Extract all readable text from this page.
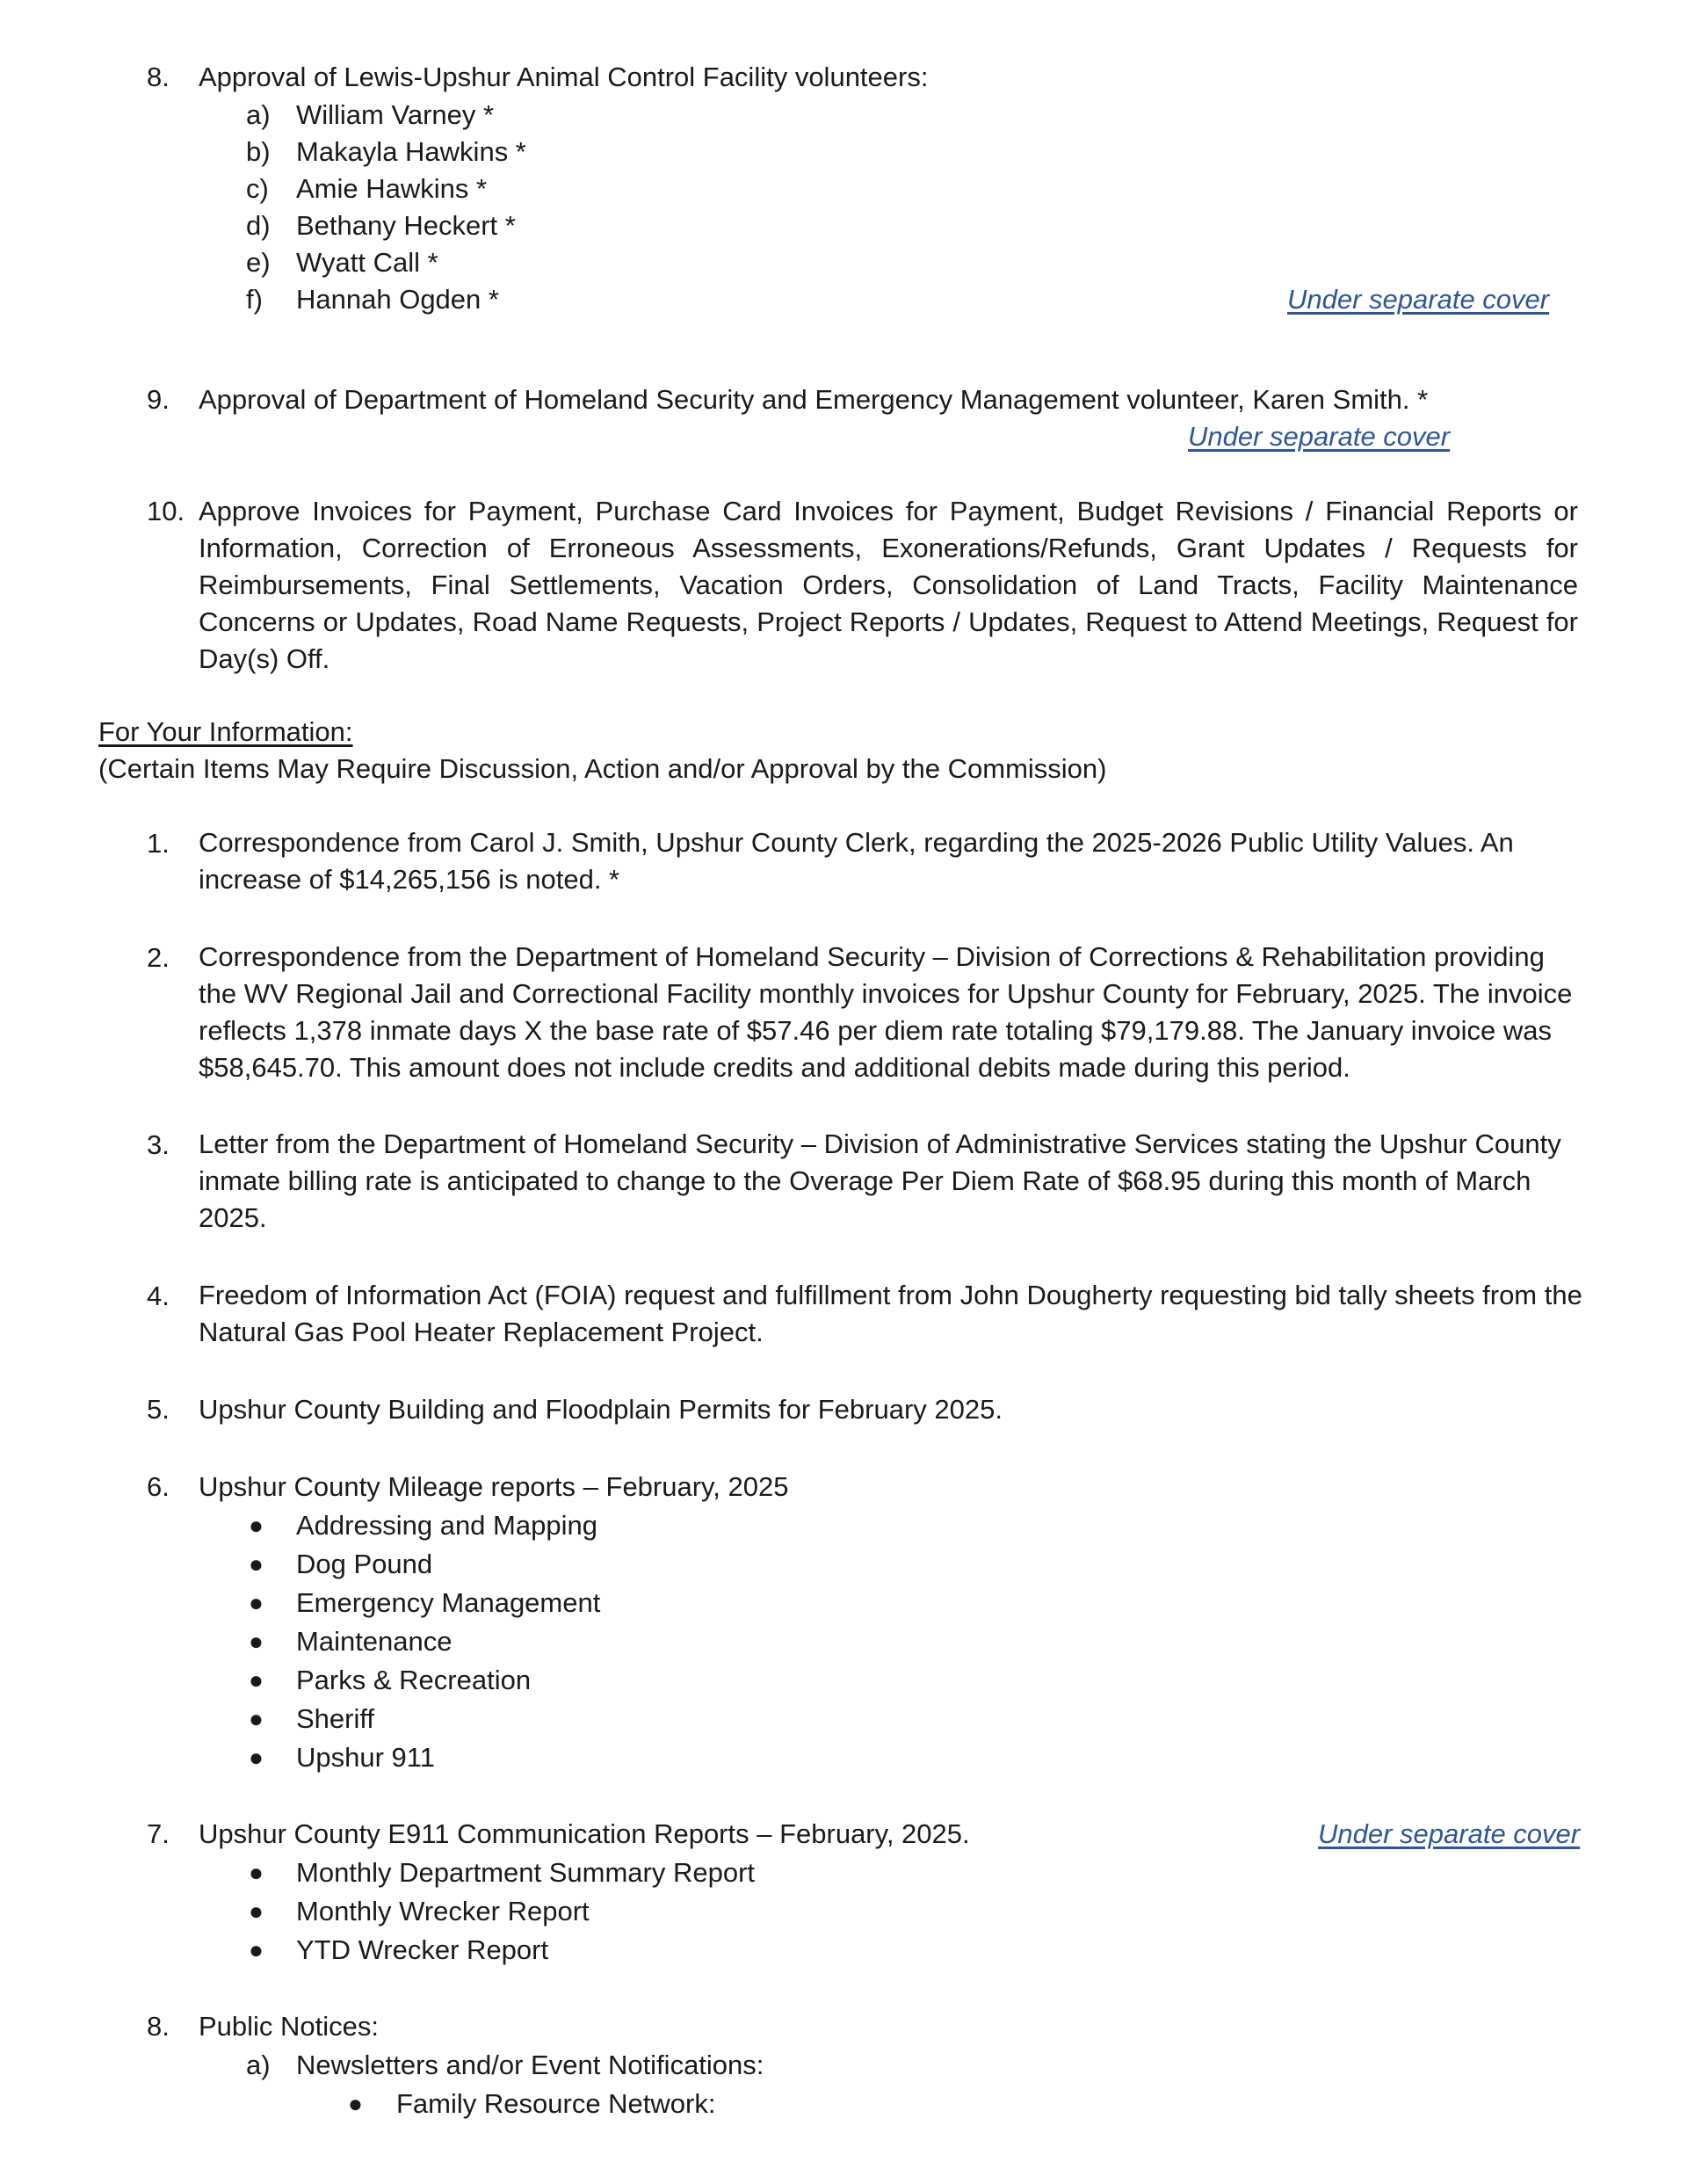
8. Approval of Lewis-Upshur Animal Control Facility volunteers:
a) William Varney *
b) Makayla Hawkins *
c) Amie Hawkins *
d) Bethany Heckert *
e) Wyatt Call *
f) Hannah Ogden *	Under separate cover
9. Approval of Department of Homeland Security and Emergency Management volunteer, Karen Smith. *
Under separate cover
10. Approve Invoices for Payment, Purchase Card Invoices for Payment, Budget Revisions / Financial Reports or Information, Correction of Erroneous Assessments, Exonerations/Refunds, Grant Updates / Requests for Reimbursements, Final Settlements, Vacation Orders, Consolidation of Land Tracts, Facility Maintenance Concerns or Updates, Road Name Requests, Project Reports / Updates, Request to Attend Meetings, Request for Day(s) Off.
For Your Information:
(Certain Items May Require Discussion, Action and/or Approval by the Commission)
1. Correspondence from Carol J. Smith, Upshur County Clerk, regarding the 2025-2026 Public Utility Values. An increase of $14,265,156 is noted. *
2. Correspondence from the Department of Homeland Security – Division of Corrections & Rehabilitation providing the WV Regional Jail and Correctional Facility monthly invoices for Upshur County for February, 2025. The invoice reflects 1,378 inmate days X the base rate of $57.46 per diem rate totaling $79,179.88. The January invoice was $58,645.70. This amount does not include credits and additional debits made during this period.
3. Letter from the Department of Homeland Security – Division of Administrative Services stating the Upshur County inmate billing rate is anticipated to change to the Overage Per Diem Rate of $68.95 during this month of March 2025.
4. Freedom of Information Act (FOIA) request and fulfillment from John Dougherty requesting bid tally sheets from the Natural Gas Pool Heater Replacement Project.
5. Upshur County Building and Floodplain Permits for February 2025.
6. Upshur County Mileage reports – February, 2025
● Addressing and Mapping
● Dog Pound
● Emergency Management
● Maintenance
● Parks & Recreation
● Sheriff
● Upshur 911
7. Upshur County E911 Communication Reports – February, 2025.	Under separate cover
● Monthly Department Summary Report
● Monthly Wrecker Report
● YTD Wrecker Report
8. Public Notices:
a) Newsletters and/or Event Notifications:
● Family Resource Network:
